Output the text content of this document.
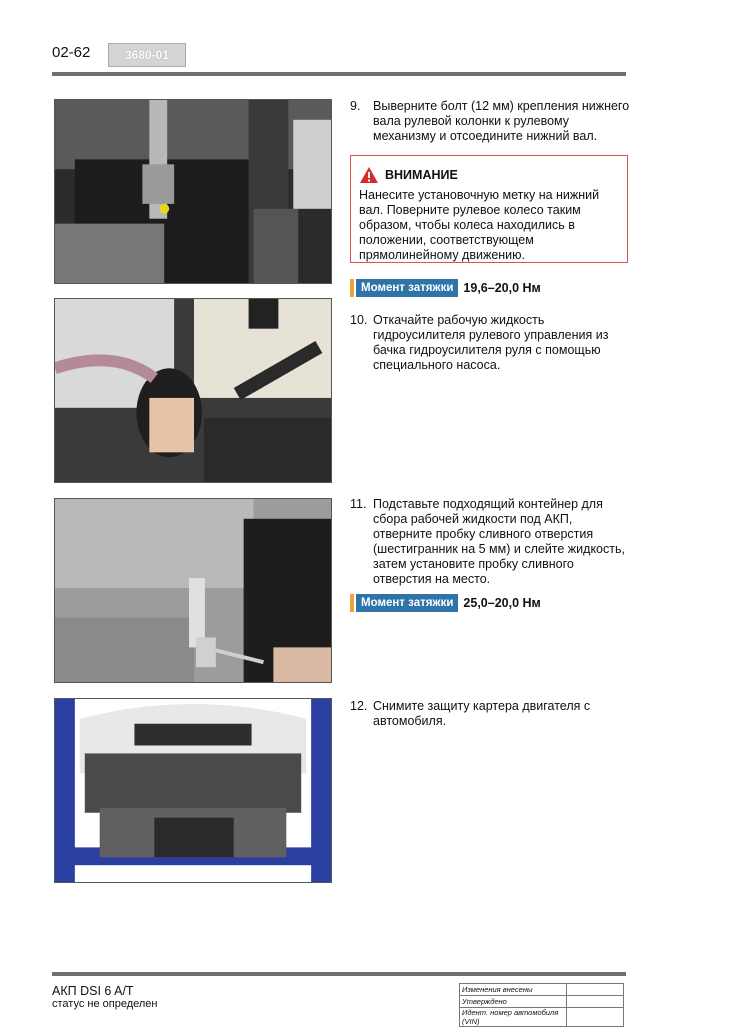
02-62	3680-01
9. Выверните болт (12 мм) крепления нижнего вала рулевой колонки к рулевому механизму и отсоедините нижний вал.
ВНИМАНИЕ
Нанесите установочную метку на нижний вал. Поверните рулевое колесо таким образом, чтобы колеса находились в положении, соответствующем прямолинейному движению.
Момент затяжки 19,6–20,0 Нм
10. Откачайте рабочую жидкость гидроусилителя рулевого управления из бачка гидроусилителя руля с помощью специального насоса.
11. Подставьте подходящий контейнер для сбора рабочей жидкости под АКП, отверните пробку сливного отверстия (шестигранник на 5 мм) и слейте жидкость, затем установите пробку сливного отверстия на место.
Момент затяжки 25,0–20,0 Нм
12. Снимите защиту картера двигателя с автомобиля.
АКП DSI 6 A/T
статус не определен
Изменения внесены	
Утверждено	
Идент. номер автомобиля (VIN)	
